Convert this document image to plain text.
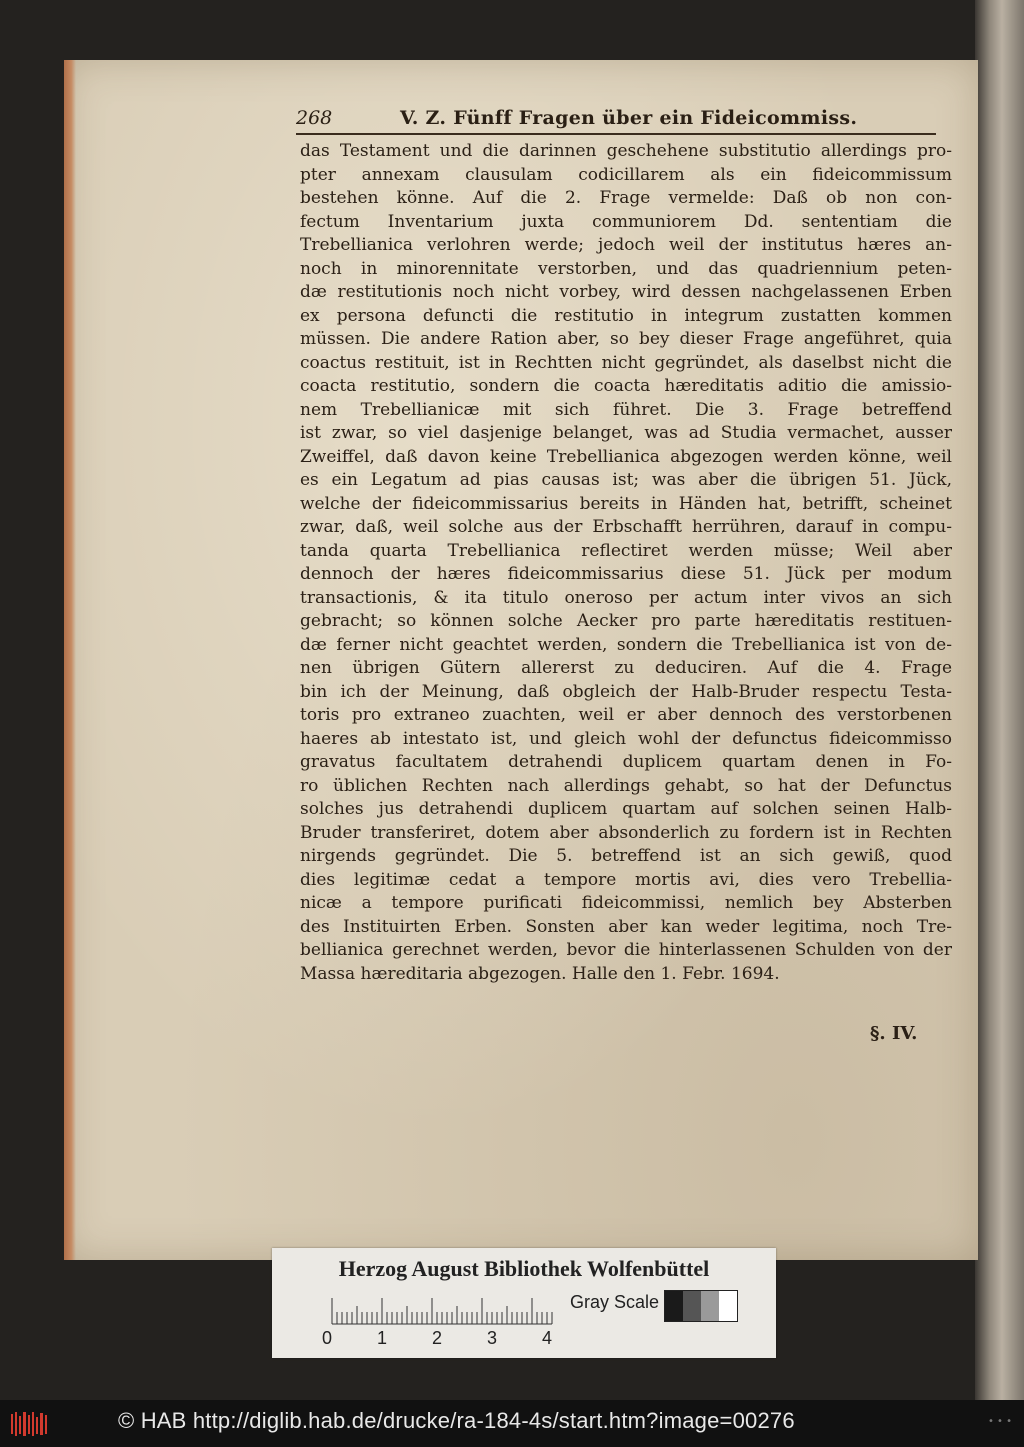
268	V. Z. Fünff Fragen über ein Fideicommiss.
das Testament und die darinnen geschehene substitutio allerdings pro-
pter annexam clausulam codicillarem als ein fideicommissum
bestehen könne. Auf die 2. Frage vermelde: Daß ob non con-
fectum Inventarium juxta communiorem Dd. sententiam die
Trebellianica verlohren werde; jedoch weil der institutus hæres an-
noch in minorennitate verstorben, und das quadriennium peten-
dæ restitutionis noch nicht vorbey, wird dessen nachgelassenen Erben
ex persona defuncti die restitutio in integrum zustatten kommen
müssen. Die andere Ration aber, so bey dieser Frage angeführet, quia
coactus restituit, ist in Rechtten nicht gegründet, als daselbst nicht die
coacta restitutio, sondern die coacta hæreditatis aditio die amissio-
nem Trebellianicæ mit sich führet. Die 3. Frage betreffend
ist zwar, so viel dasjenige belanget, was ad Studia vermachet, ausser
Zweiffel, daß davon keine Trebellianica abgezogen werden könne, weil
es ein Legatum ad pias causas ist; was aber die übrigen 51. Jück,
welche der fideicommissarius bereits in Händen hat, betrifft, scheinet
zwar, daß, weil solche aus der Erbschafft herrühren, darauf in compu-
tanda quarta Trebellianica reflectiret werden müsse; Weil aber
dennoch der hæres fideicommissarius diese 51. Jück per modum
transactionis, & ita titulo oneroso per actum inter vivos an sich
gebracht; so können solche Aecker pro parte hæreditatis restituen-
dæ ferner nicht geachtet werden, sondern die Trebellianica ist von de-
nen übrigen Gütern allererst zu deduciren. Auf die 4. Frage
bin ich der Meinung, daß obgleich der Halb-Bruder respectu Testa-
toris pro extraneo zuachten, weil er aber dennoch des verstorbenen
haeres ab intestato ist, und gleich wohl der defunctus fideicommisso
gravatus facultatem detrahendi duplicem quartam denen in Fo-
ro üblichen Rechten nach allerdings gehabt, so hat der Defunctus
solches jus detrahendi duplicem quartam auf solchen seinen Halb-
Bruder transferiret, dotem aber absonderlich zu fordern ist in Rechten
nirgends gegründet. Die 5. betreffend ist an sich gewiß, quod
dies legitimæ cedat a tempore mortis avi, dies vero Trebellia-
nicæ a tempore purificati fideicommissi, nemlich bey Absterben
des Instituirten Erben. Sonsten aber kan weder legitima, noch Tre-
bellianica gerechnet werden, bevor die hinterlassenen Schulden von der
Massa hæreditaria abgezogen. Halle den 1. Febr. 1694.
§. IV.
Herzog August Bibliothek Wolfenbüttel
0 1 2 3 4
Gray Scale
© HAB http://diglib.hab.de/drucke/ra-184-4s/start.htm?image=00276	• • •
